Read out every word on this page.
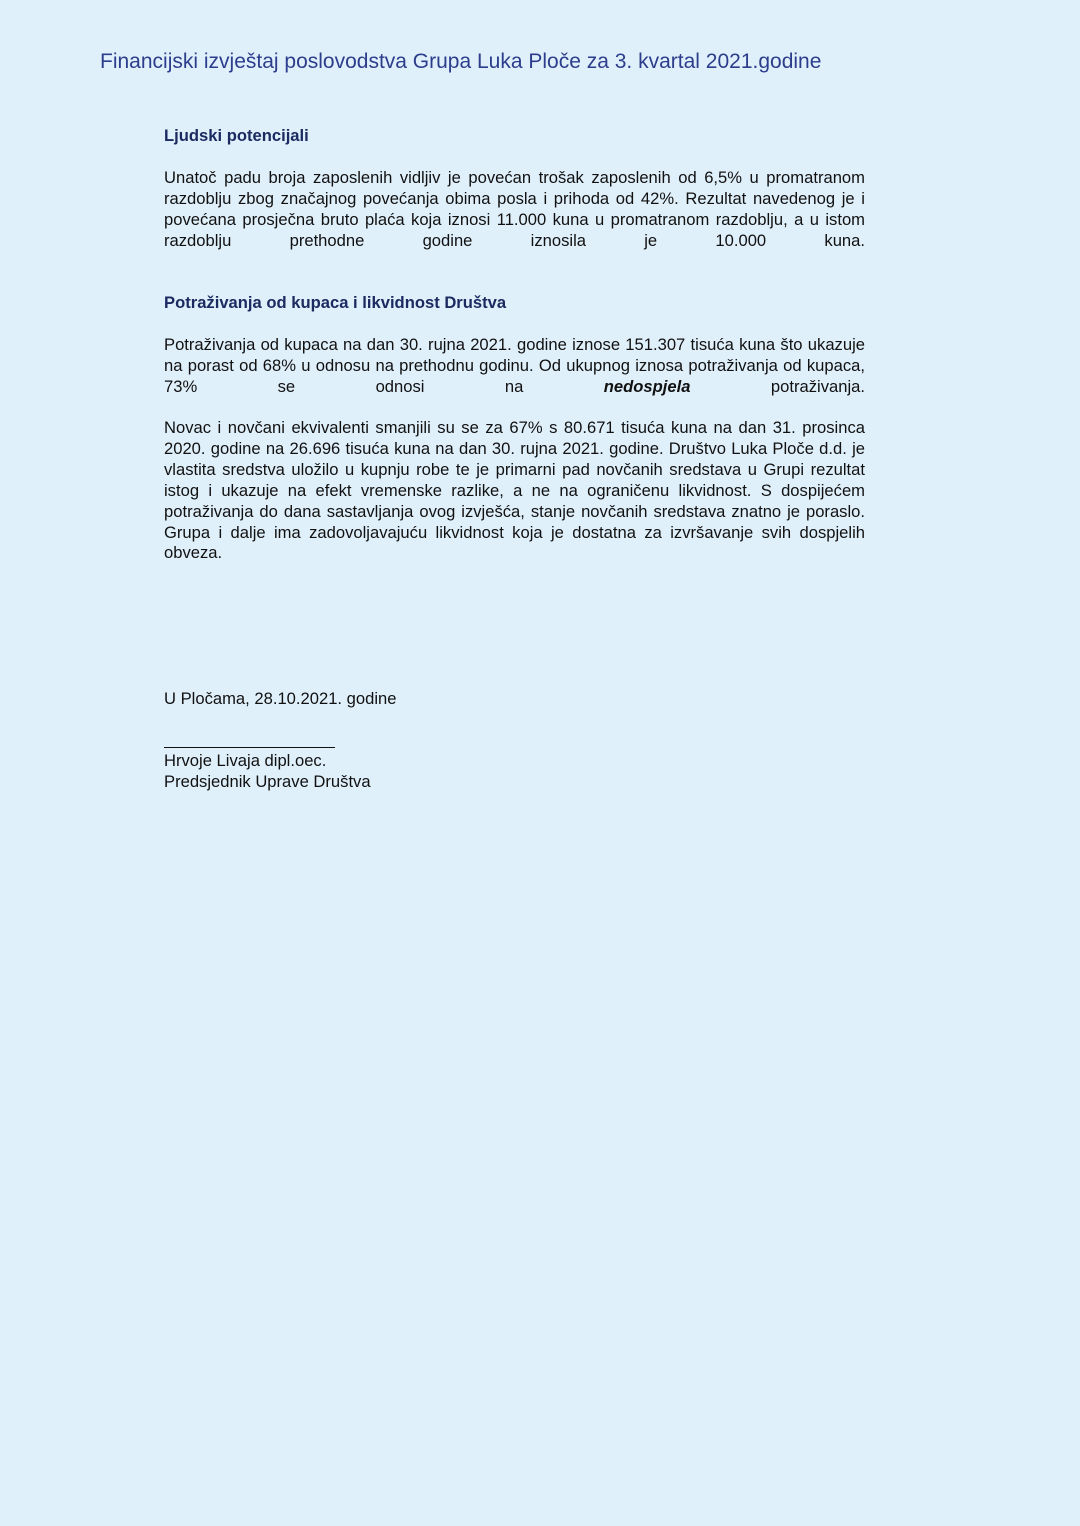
Financijski izvještaj poslovodstva Grupa Luka Ploče za 3. kvartal 2021.godine
Ljudski potencijali
Unatoč padu broja zaposlenih vidljiv je povećan trošak zaposlenih od 6,5% u promatranom razdoblju zbog značajnog povećanja obima posla i prihoda od 42%. Rezultat navedenog je i povećana prosječna bruto plaća koja iznosi 11.000 kuna u promatranom razdoblju, a u istom razdoblju prethodne godine iznosila je 10.000 kuna.
Potraživanja od kupaca i likvidnost Društva
Potraživanja od kupaca na dan 30. rujna 2021. godine iznose 151.307 tisuća kuna što ukazuje na porast od 68% u odnosu na prethodnu godinu. Od ukupnog iznosa potraživanja od kupaca, 73% se odnosi na nedospjela potraživanja.
Novac i novčani ekvivalenti smanjili su se za 67% s 80.671 tisuća kuna na dan 31. prosinca 2020. godine na 26.696 tisuća kuna na dan 30. rujna 2021. godine. Društvo Luka Ploče d.d. je vlastita sredstva uložilo u kupnju robe te je primarni pad novčanih sredstava u Grupi rezultat istog i ukazuje na efekt vremenske razlike, a ne na ograničenu likvidnost. S dospijećem potraživanja do dana sastavljanja ovog izvješća, stanje novčanih sredstava znatno je poraslo. Grupa i dalje ima zadovoljavajuću likvidnost koja je dostatna za izvršavanje svih dospjelih obveza.
U Pločama, 28.10.2021. godine
Hrvoje Livaja dipl.oec.
Predsjednik Uprave Društva
